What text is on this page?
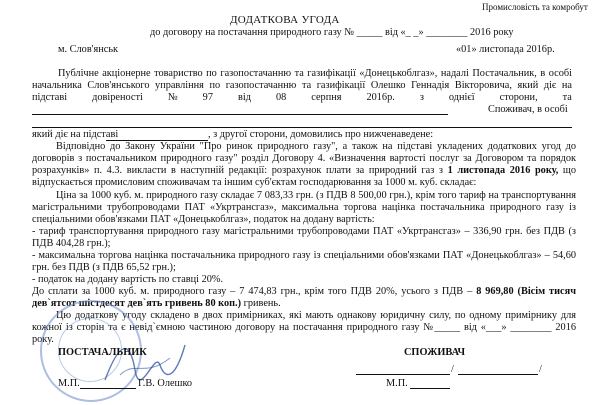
Промисловість та комробут
ДОДАТКОВА УГОДА
до договору на постачання природного газу № _____ від «_ _» ________ 2016 року
м. Слов'янськ	«01» листопада 2016р.
Публічне акціонерне товариство по газопостачанню та газифікації «Донецькоблгаз», надалі Постачальник, в особі
начальника Слов'янського управління по газопостачанню та газифікації Олешко Геннадія Вікторовича, який діє на
підставі довіреності № 97 від 08 серпня 2016р. з однієї сторони, та
Споживач, в особі
який діє на підставі	, з другої сторони, домовились про нижченаведене:
Відповідно до Закону України "Про ринок природного газу", а також на підставі укладених додаткових угод до договорів з постачальником природного газу" розділ Договору 4. «Визначення вартості послуг за Договором та порядок розрахунків» п. 4.3. викласти в наступній редакції: розрахунок плати за природний газ з 1 листопада 2016 року, що відпускається промисловим споживачам та іншим суб'єктам господарювання за 1000 м. куб. складає:
Ціна за 1000 куб. м. природного газу складає 7 083,33 грн. (з ПДВ 8 500,00 грн.), крім того тариф на транспортування магістральними трубопроводами ПАТ «Укртрансгаз», максимальна торгова націнка постачальника природного газу із спеціальними обов'язками ПАТ «Донецькоблгаз», податок на додану вартість:
- тариф транспортування природного газу магістральними трубопроводами ПАТ «Укртрансгаз» – 336,90 грн. без ПДВ (з ПДВ 404,28 грн.);
- максимальна торгова націнка постачальника природного газу із спеціальними обов'язками ПАТ «Донецькоблгаз» – 54,60 грн. без ПДВ (з ПДВ 65,52 грн.);
- податок на додану вартість по ставці 20%.
До сплати за 1000 куб. м. природного газу – 7 474,83 грн., крім того ПДВ 20%, усього з ПДВ – 8 969,80 (Вісім тисяч дев`ятсот шістдесят дев`ять гривень 80 коп.) гривень.
Цю додаткову угоду складено в двох примірниках, які мають однакову юридичну силу, по одному примірнику для кожної із сторін та є невід`ємною частиною договору на постачання природного газу №_____ від «___» ________ 2016 року.
ПОСТАЧАЛЬНИК	СПОЖИВАЧ
М.П.	Г.В. Олешко
/	/
М.П.
